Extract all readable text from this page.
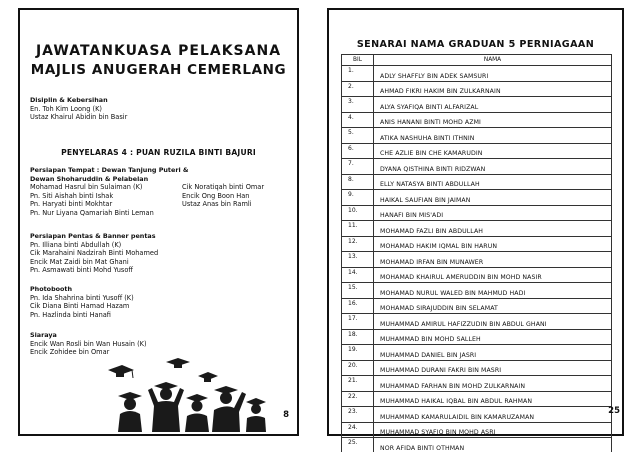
JAWATANKUASA PELAKSANA
MAJLIS ANUGERAH CEMERLANG
Disiplin & Kebersihan
En. Toh Kim Loong (K)
Ustaz Khairul Abidin bin Basir
PENYELARAS 4 : PUAN RUZILA BINTI BAJURI
Persiapan Tempat : Dewan Tanjung Puteri &
Dewan Shoharuddin & Pelabelan
Mohamad Hasrul bin Sulaiman (K)	Cik Noratiqah binti Omar
Pn. Siti Aishah binti Ishak	Encik Ong Boon Han
Pn. Haryati binti Mokhtar	Ustaz Anas bin Ramli
Pn. Nur Liyana Qamariah Binti Leman
Persiapan Pentas & Banner pentas
Pn. Illiana binti Abdullah (K)
Cik Marahaini Nadzirah Binti Mohamed
Encik Mat Zaidi bin Mat Ghani
Pn. Asmawati binti Mohd Yusoff
Photobooth
Pn. Ida Shahrina binti Yusoff (K)
Cik Diana Binti Hamad Hazam
Pn. Hazlinda binti Hanafi
Siaraya
Encik Wan Rosli bin Wan Husain (K)
Encik Zohidee bin Omar
8
SENARAI NAMA GRADUAN 5 PERNIAGAAN
BIL	NAMA
1.	ADLY SHAFFLY BIN ADEK SAMSURI
2.	AHMAD FIKRI HAKIM BIN ZULKARNAIN
3.	ALYA SYAFIQA BINTI ALFARIZAL
4.	ANIS HANANI BINTI MOHD AZMI
5.	ATIKA NASHUHA BINTI ITHNIN
6.	CHE AZLIE BIN CHE KAMARUDIN
7.	DYANA QISTHINA BINTI RIDZWAN
8.	ELLY NATASYA BINTI ABDULLAH
9.	HAIKAL SAUFIAN BIN JAIMAN
10.	HANAFI BIN MIS'ADI
11.	MOHAMAD FAZLI BIN ABDULLAH
12.	MOHAMAD HAKIM IQMAL BIN HARUN
13.	MOHAMAD IRFAN BIN MUNAWER
14.	MOHAMAD KHAIRUL AMERUDDIN BIN MOHD NASIR
15.	MOHAMAD NURUL WALED BIN MAHMUD HADI
16.	MOHAMAD SIRAJUDDIN BIN SELAMAT
17.	MUHAMMAD AMIRUL HAFIZZUDIN BIN ABDUL GHANI
18.	MUHAMMAD BIN MOHD SALLEH
19.	MUHAMMAD DANIEL BIN JASRI
20.	MUHAMMAD DURANI FAKRI BIN MASRI
21.	MUHAMMAD FARHAN BIN MOHD ZULKARNAIN
22.	MUHAMMAD HAIKAL IQBAL BIN ABDUL RAHMAN
23.	MUHAMMAD KAMARULAIDIL BIN KAMARUZAMAN
24.	MUHAMMAD SYAFIQ BIN MOHD ASRI
25.	NOR AFIDA BINTI OTHMAN
25
